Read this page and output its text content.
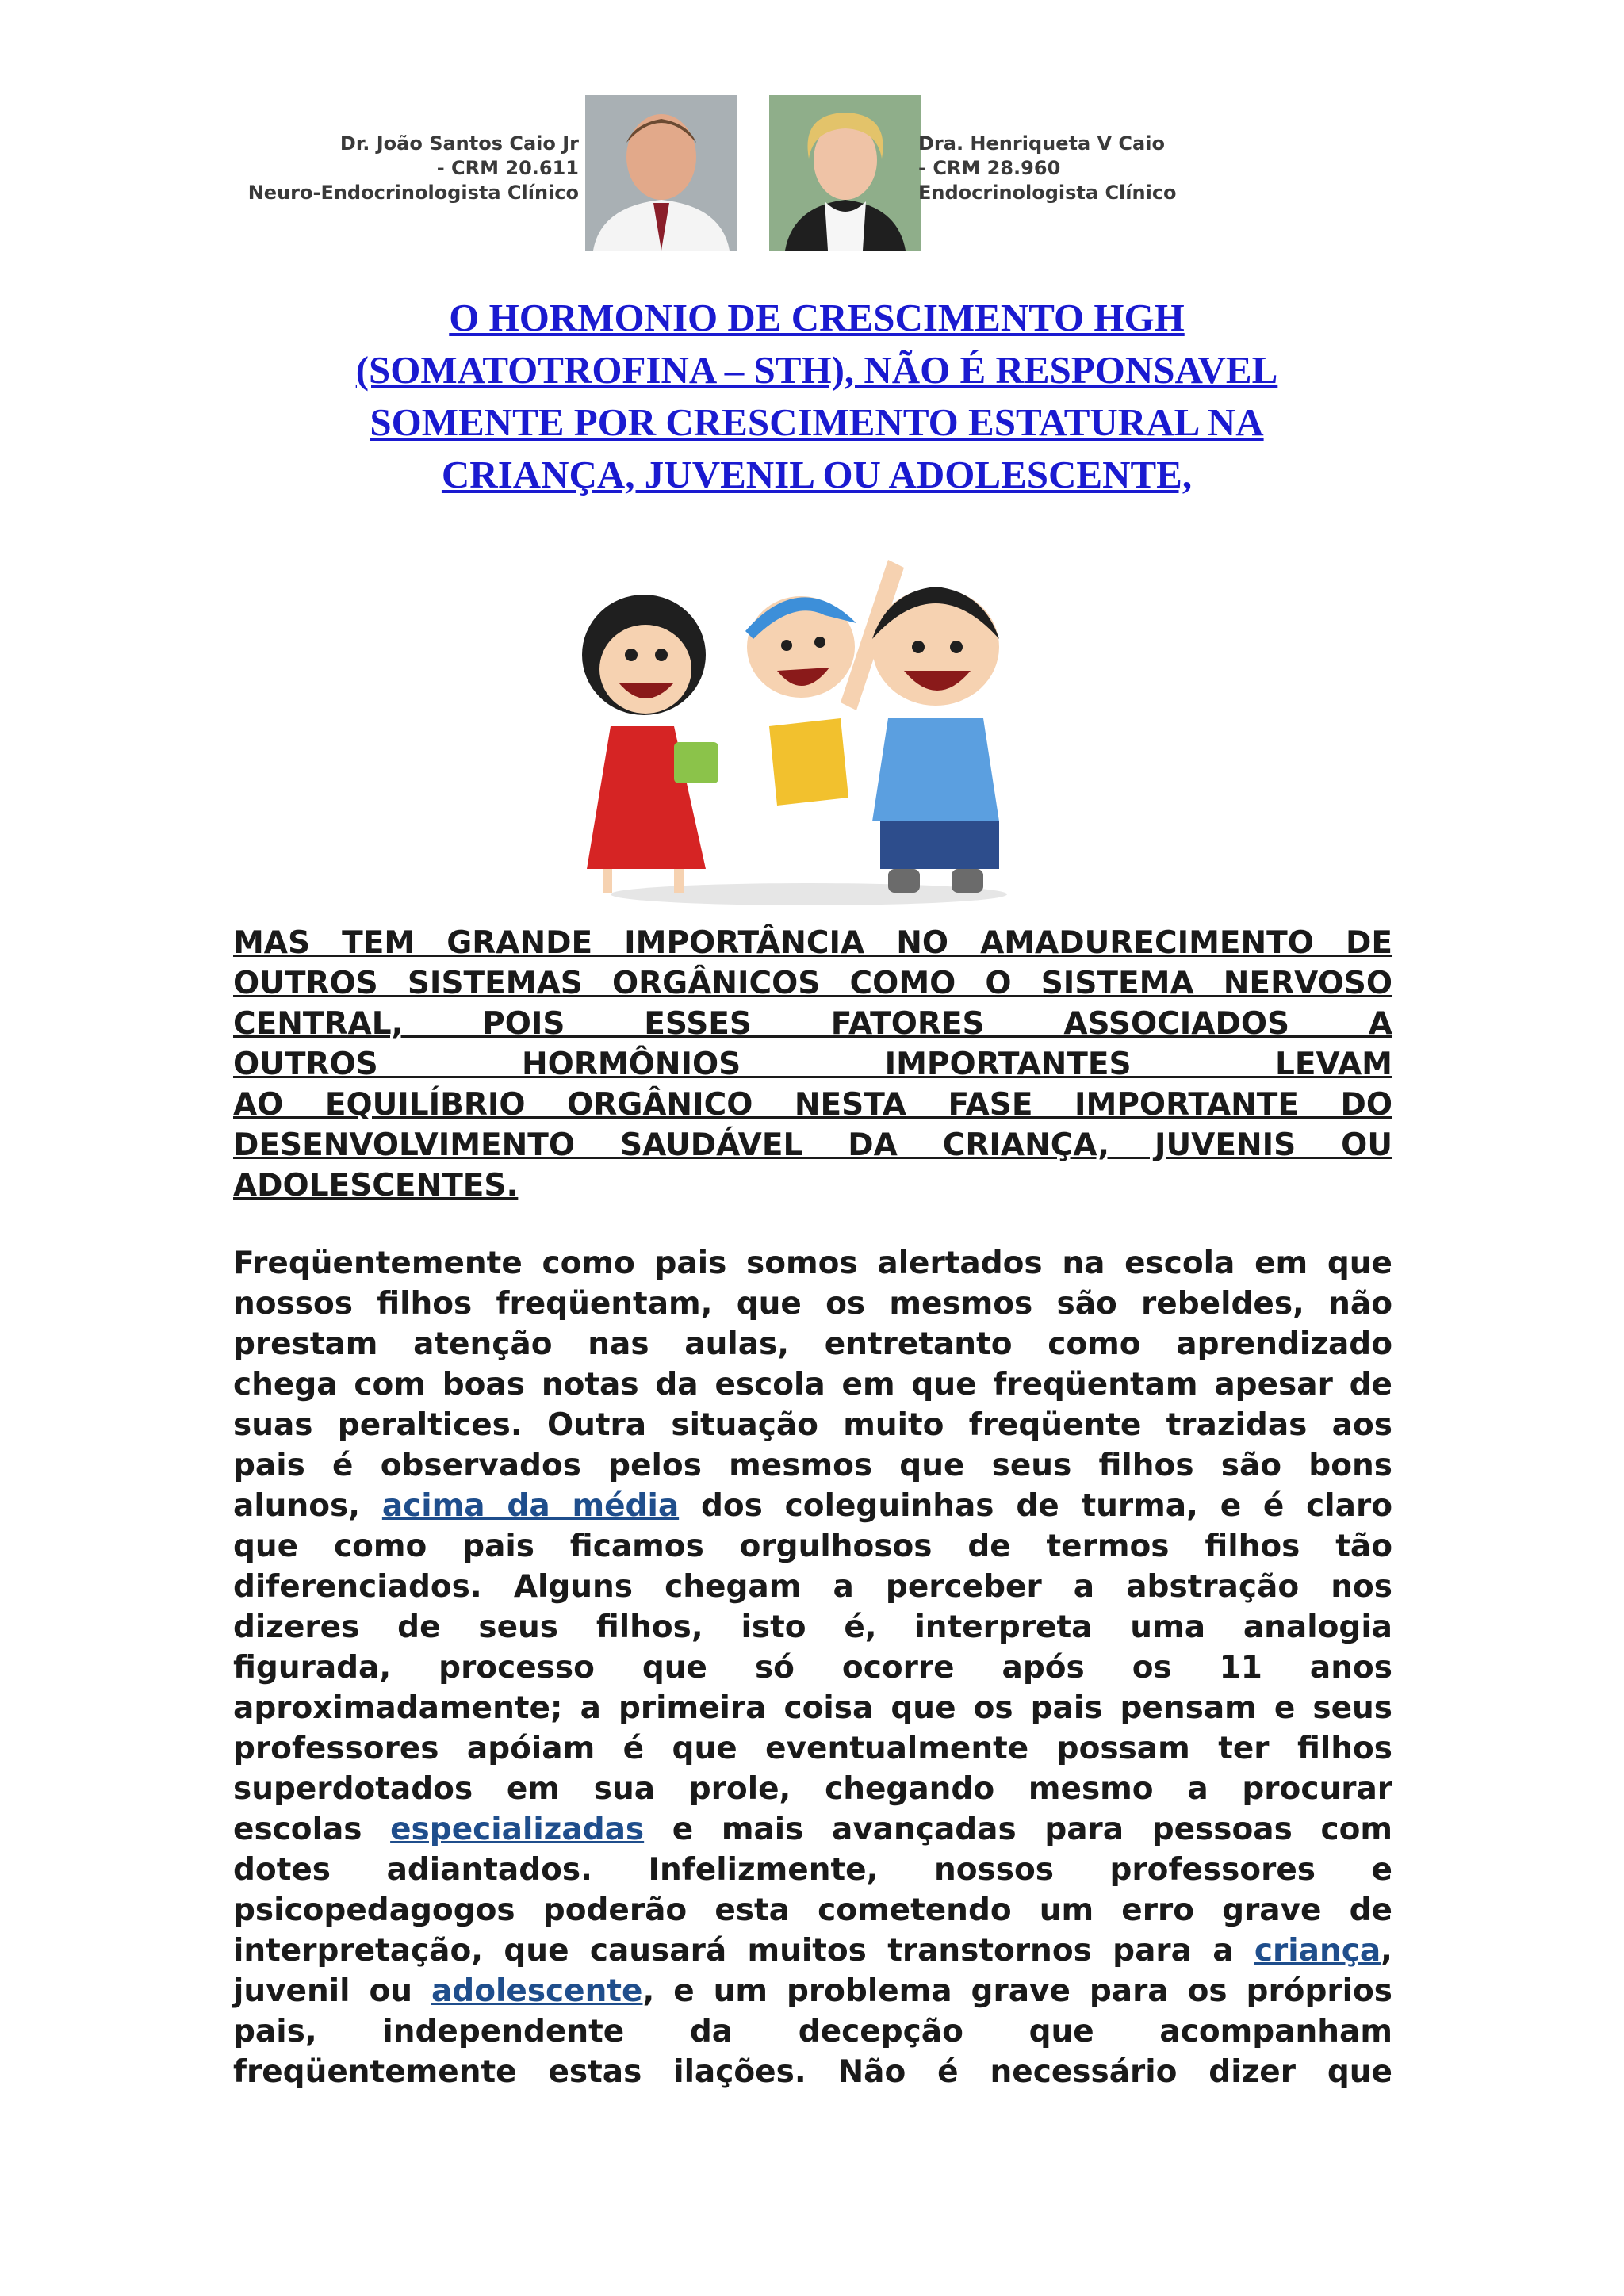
Dr. João Santos Caio Jr
- CRM 20.611
Neuro-Endocrinologista Clínico
Dra. Henriqueta V Caio
- CRM 28.960
Endocrinologista Clínico
O HORMONIO DE CRESCIMENTO HGH
(SOMATOTROFINA – STH), NÃO É RESPONSAVEL
SOMENTE POR CRESCIMENTO ESTATURAL NA
CRIANÇA, JUVENIL OU ADOLESCENTE,
MAS TEM GRANDE IMPORTÂNCIA NO AMADURECIMENTO DE
OUTROS SISTEMAS ORGÂNICOS COMO O SISTEMA NERVOSO
CENTRAL, POIS ESSES FATORES ASSOCIADOS A
OUTROS HORMÔNIOS IMPORTANTES LEVAM
AO EQUILÍBRIO ORGÂNICO NESTA FASE IMPORTANTE DO
DESENVOLVIMENTO SAUDÁVEL DA CRIANÇA, JUVENIS OU
ADOLESCENTES.
Freqüentemente como pais somos alertados na escola em que
nossos filhos freqüentam, que os mesmos são rebeldes, não
prestam atenção nas aulas, entretanto como aprendizado
chega com boas notas da escola em que freqüentam apesar de
suas peraltices. Outra situação muito freqüente trazidas aos
pais é observados pelos mesmos que seus filhos são bons
alunos, acima da média dos coleguinhas de turma, e é claro
que como pais ficamos orgulhosos de termos filhos tão
diferenciados. Alguns chegam a perceber a abstração nos
dizeres de seus filhos, isto é, interpreta uma analogia
figurada, processo que só ocorre após os 11 anos
aproximadamente; a primeira coisa que os pais pensam e seus
professores apóiam é que eventualmente possam ter filhos
superdotados em sua prole, chegando mesmo a procurar
escolas especializadas e mais avançadas para pessoas com
dotes adiantados. Infelizmente, nossos professores e
psicopedagogos poderão esta cometendo um erro grave de
interpretação, que causará muitos transtornos para a criança,
juvenil ou adolescente, e um problema grave para os próprios
pais, independente da decepção que acompanham
freqüentemente estas ilações. Não é necessário dizer que
